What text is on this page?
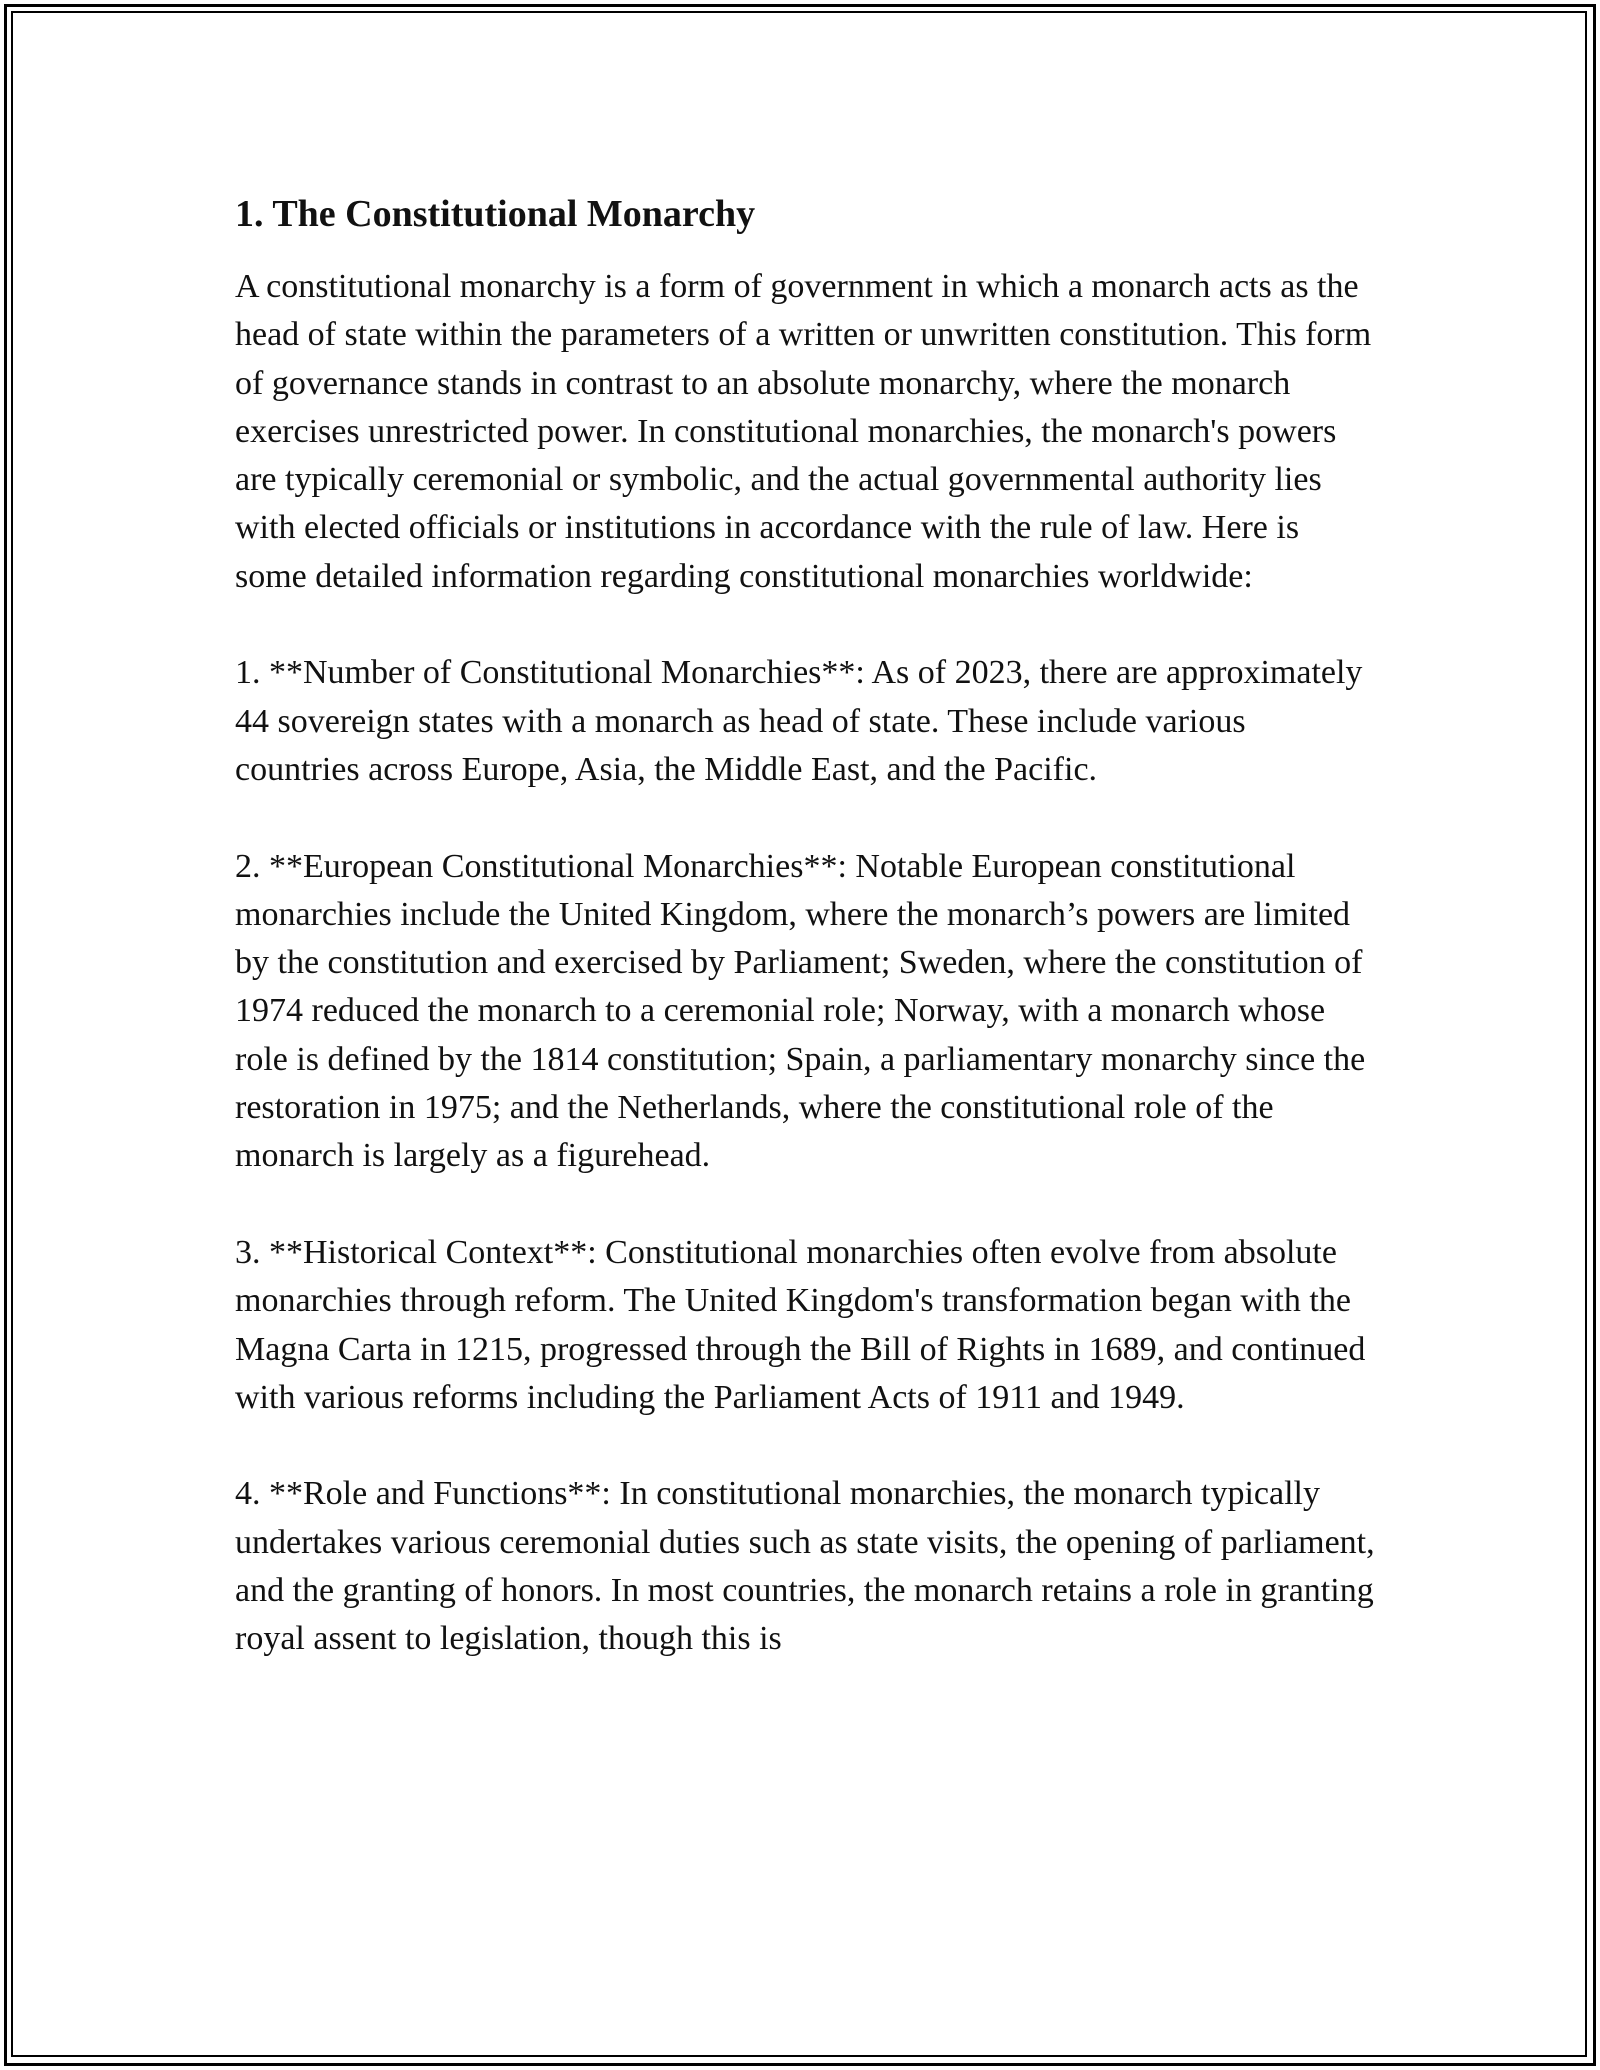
1. The Constitutional Monarchy

A constitutional monarchy is a form of government in which a monarch acts as the head of state within the parameters of a written or unwritten constitution. This form of governance stands in contrast to an absolute monarchy, where the monarch exercises unrestricted power. In constitutional monarchies, the monarch's powers are typically ceremonial or symbolic, and the actual governmental authority lies with elected officials or institutions in accordance with the rule of law. Here is some detailed information regarding constitutional monarchies worldwide:

1. **Number of Constitutional Monarchies**: As of 2023, there are approximately 44 sovereign states with a monarch as head of state. These include various countries across Europe, Asia, the Middle East, and the Pacific.

2. **European Constitutional Monarchies**: Notable European constitutional monarchies include the United Kingdom, where the monarch’s powers are limited by the constitution and exercised by Parliament; Sweden, where the constitution of 1974 reduced the monarch to a ceremonial role; Norway, with a monarch whose role is defined by the 1814 constitution; Spain, a parliamentary monarchy since the restoration in 1975; and the Netherlands, where the constitutional role of the monarch is largely as a figurehead.

3. **Historical Context**: Constitutional monarchies often evolve from absolute monarchies through reform. The United Kingdom's transformation began with the Magna Carta in 1215, progressed through the Bill of Rights in 1689, and continued with various reforms including the Parliament Acts of 1911 and 1949.

4. **Role and Functions**: In constitutional monarchies, the monarch typically undertakes various ceremonial duties such as state visits, the opening of parliament, and the granting of honors. In most countries, the monarch retains a role in granting royal assent to legislation, though this is
